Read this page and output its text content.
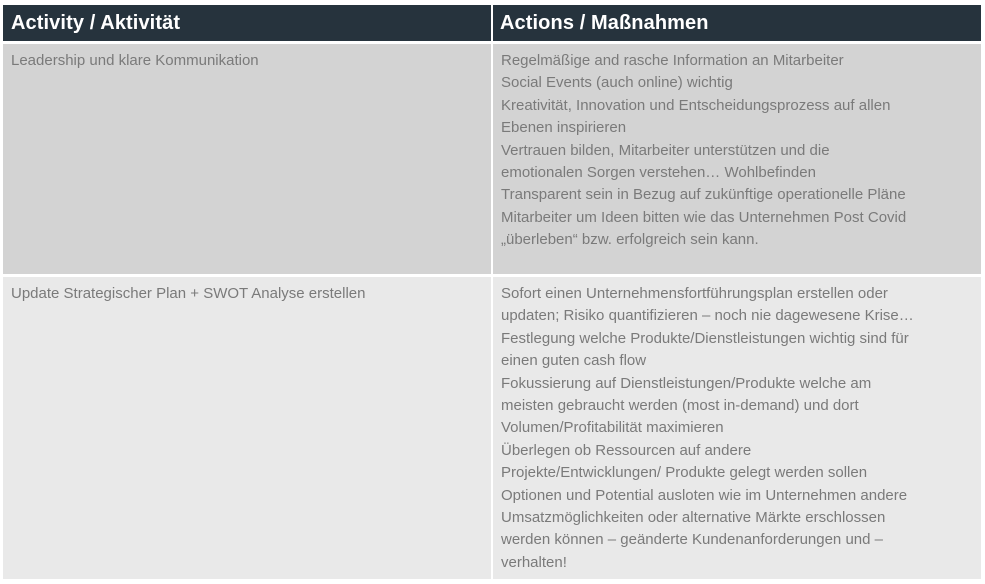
Activity / Aktivität	Actions / Maßnahmen
Leadership und klare Kommunikation	Regelmäßige and rasche Information an Mitarbeiter
Social Events (auch online) wichtig
Kreativität, Innovation und Entscheidungsprozess auf allen
Ebenen inspirieren
Vertrauen bilden, Mitarbeiter unterstützen und die
emotionalen Sorgen verstehen… Wohlbefinden
Transparent sein in Bezug auf zukünftige operationelle Pläne
Mitarbeiter um Ideen bitten wie das Unternehmen Post Covid
„überleben“ bzw. erfolgreich sein kann.
Update Strategischer Plan + SWOT Analyse erstellen	Sofort einen Unternehmensfortführungsplan erstellen oder
updaten; Risiko quantifizieren – noch nie dagewesene Krise…
Festlegung welche Produkte/Dienstleistungen wichtig sind für
einen guten cash flow
Fokussierung auf Dienstleistungen/Produkte welche am
meisten gebraucht werden (most in-demand) und dort
Volumen/Profitabilität maximieren
Überlegen ob Ressourcen auf andere
Projekte/Entwicklungen/ Produkte gelegt werden sollen
Optionen und Potential ausloten wie im Unternehmen andere
Umsatzmöglichkeiten oder alternative Märkte erschlossen
werden können – geänderte Kundenanforderungen und –
verhalten!
